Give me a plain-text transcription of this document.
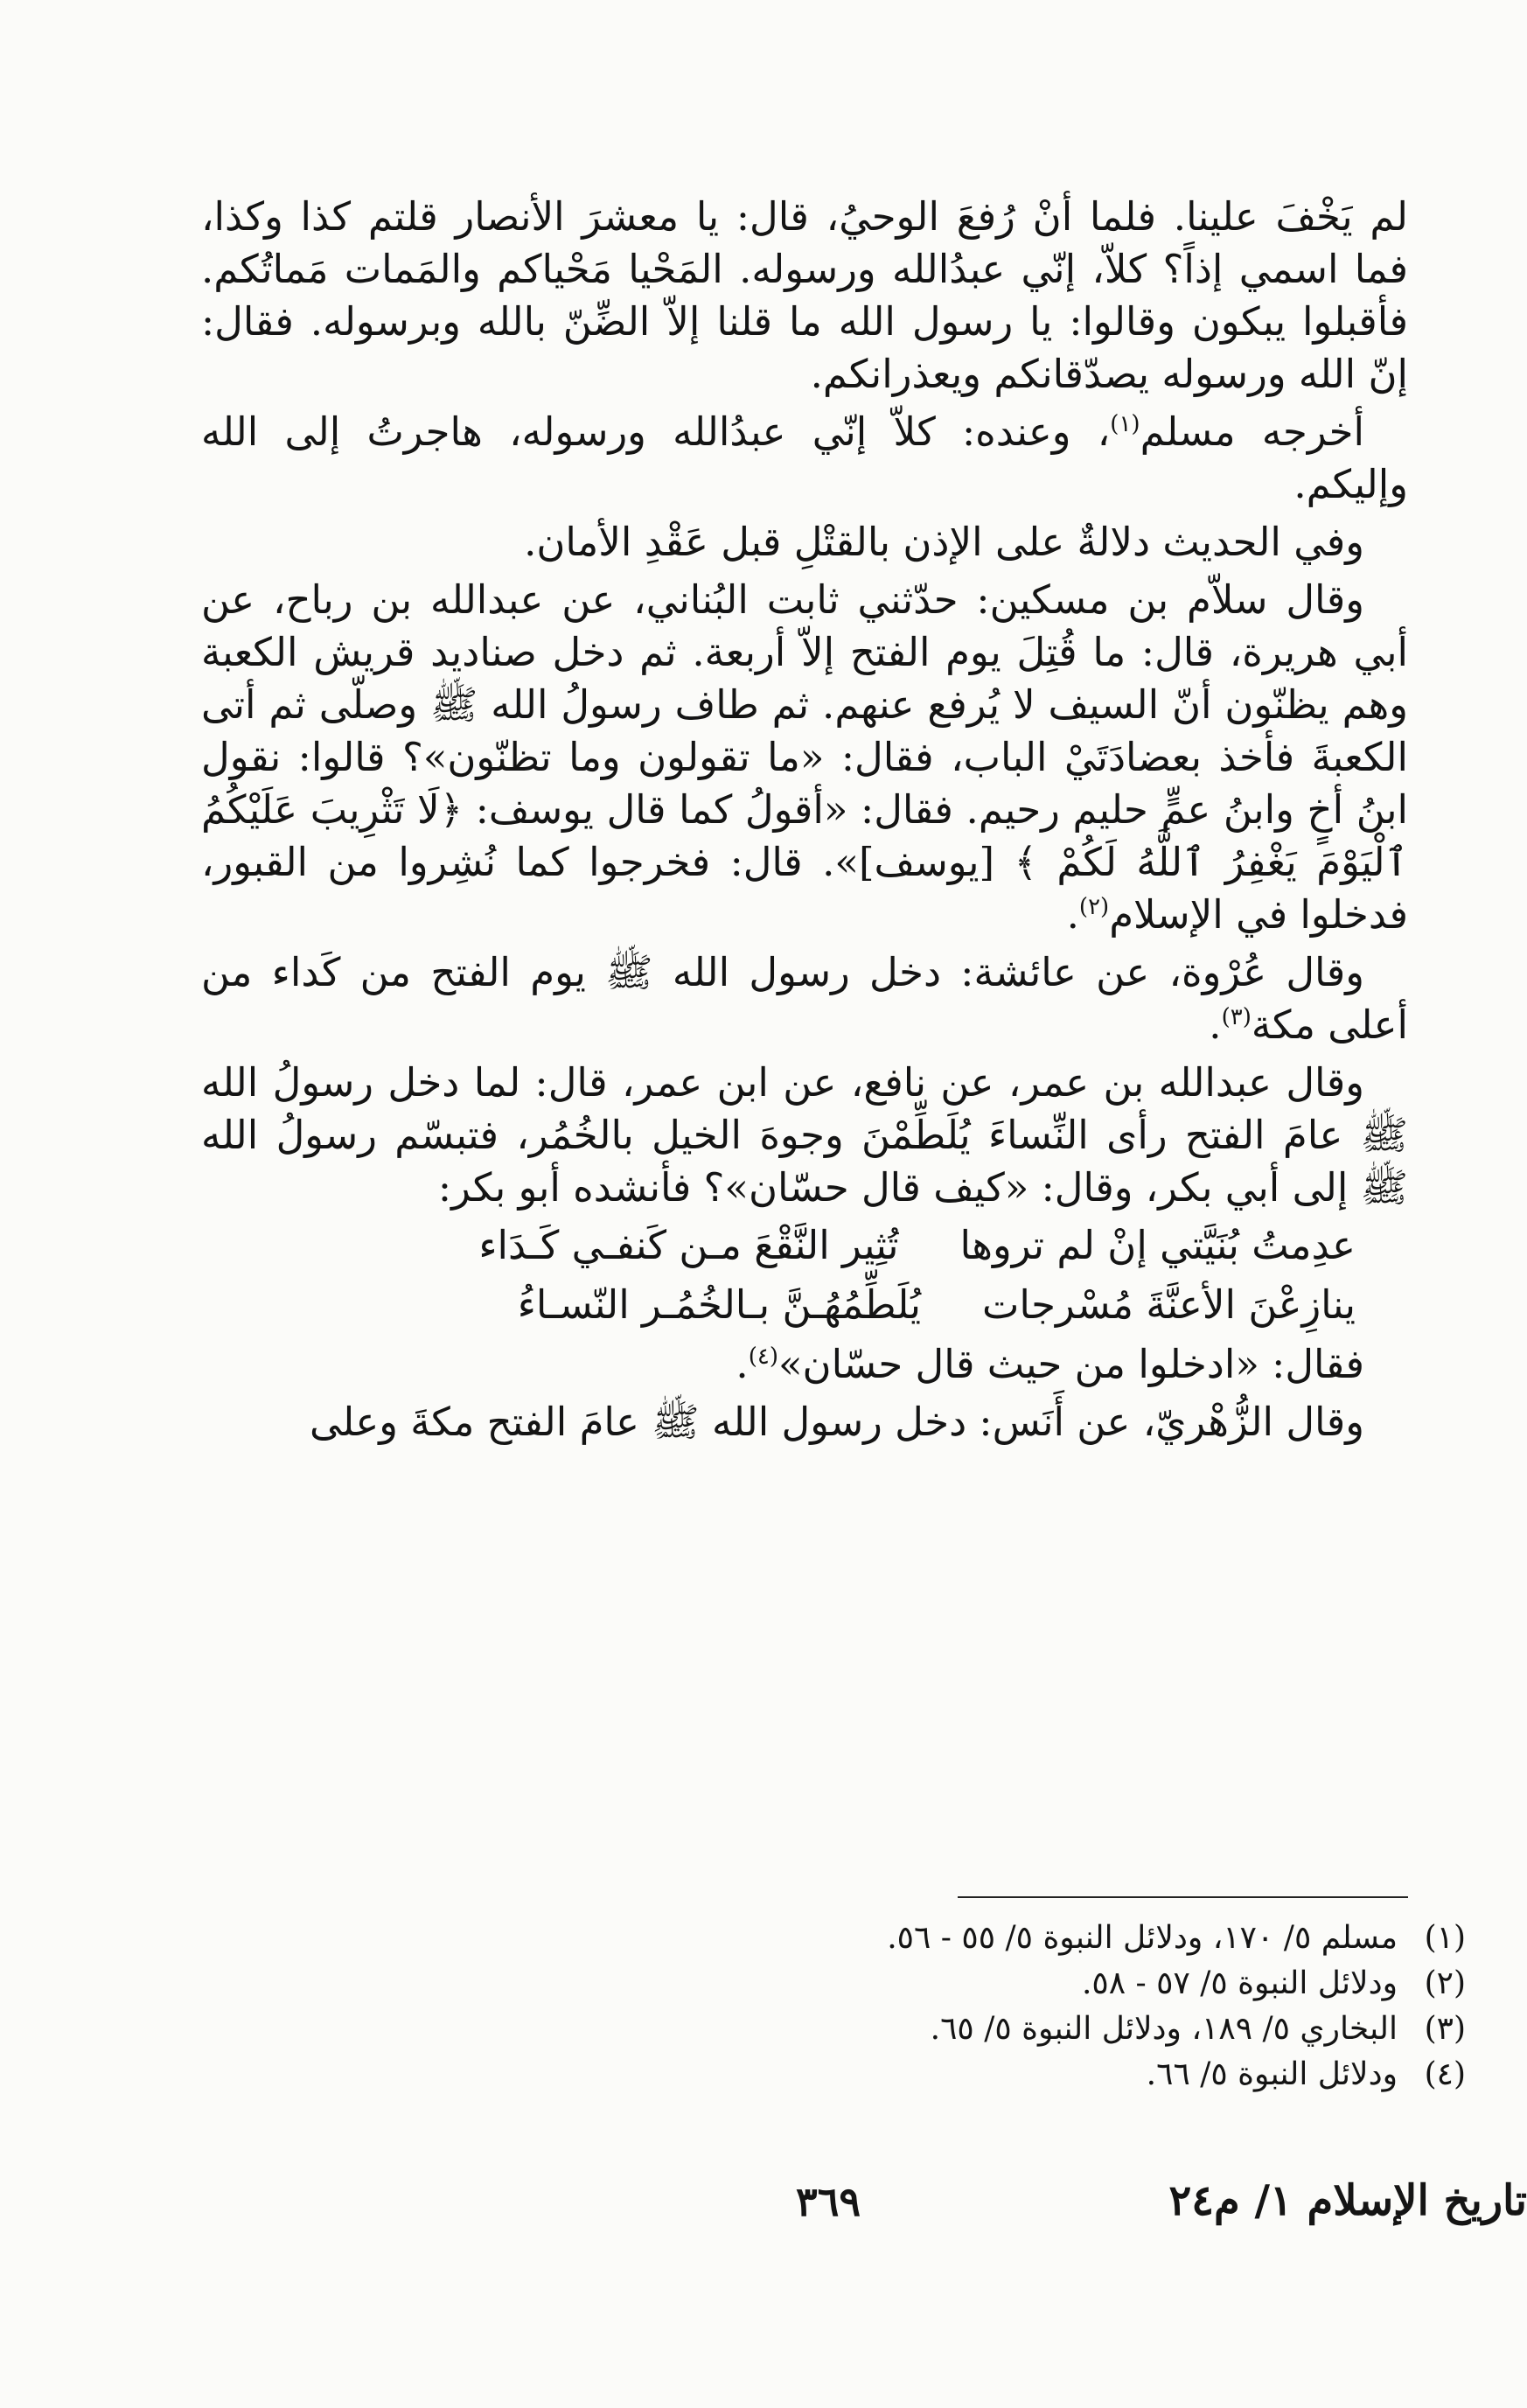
لم يَخْفَ علينا. فلما أنْ رُفعَ الوحيُ، قال: يا معشرَ الأنصار قلتم كذا وكذا، فما اسمي إذاً؟ كلاّ، إنّي عبدُالله ورسوله. المَحْيا مَحْياكم والمَمات مَماتُكم. فأقبلوا يبكون وقالوا: يا رسول الله ما قلنا إلاّ الضِّنّ بالله وبرسوله. فقال: إنّ الله ورسوله يصدّقانكم ويعذرانكم.

أخرجه مسلم$^{(١)}$، وعنده: كلاّ إنّي عبدُالله ورسوله، هاجرتُ إلى الله وإليكم.

وفي الحديث دلالةٌ على الإذن بالقتْلِ قبل عَقْدِ الأمان.

وقال سلاّم بن مسكين: حدّثني ثابت البُناني، عن عبدالله بن رباح، عن أبي هريرة، قال: ما قُتِلَ يوم الفتح إلاّ أربعة. ثم دخل صناديد قريش الكعبة وهم يظنّون أنّ السيف لا يُرفع عنهم. ثم طاف رسولُ الله ﷺ وصلّى ثم أتى الكعبةَ فأخذ بعضادَتَيْ الباب، فقال: «ما تقولون وما تظنّون»؟ قالوا: نقول ابنُ أخٍ وابنُ عمٍّ حليم رحيم. فقال: «أقولُ كما قال يوسف: ﴿لَا تَثْرِيبَ عَلَيْكُمُ ٱلْيَوْمَ يَغْفِرُ ٱللَّهُ لَكُمْ ﴾ [يوسف]». قال: فخرجوا كما نُشِروا من القبور، فدخلوا في الإسلام$^{(٢)}$.

وقال عُرْوة، عن عائشة: دخل رسول الله ﷺ يوم الفتح من كَداء من أعلى مكة$^{(٣)}$.

وقال عبدالله بن عمر، عن نافع، عن ابن عمر، قال: لما دخل رسولُ الله ﷺ عامَ الفتح رأى النِّساءَ يُلَطِّمْنَ وجوهَ الخيل بالخُمُر، فتبسّم رسولُ الله ﷺ إلى أبي بكر، وقال: «كيف قال حسّان»؟ فأنشده أبو بكر:

عدِمتُ بُنَيَّتي إنْ لم تروها
تُثِير النَّقْعَ مـن كَنفـي كَـدَاء
ينازِعْنَ الأعنَّةَ مُسْرجات
يُلَطِّمُهُـنَّ بـالخُمُـر النّسـاءُ

فقال: «ادخلوا من حيث قال حسّان»$^{(٤)}$.

وقال الزُّهْريّ، عن أَنَس: دخل رسول الله ﷺ عامَ الفتح مكةَ وعلى

(١)
مسلم ٥/ ١٧٠، ودلائل النبوة ٥/ ٥٥ - ٥٦.
(٢)
ودلائل النبوة ٥/ ٥٧ - ٥٨.
(٣)
البخاري ٥/ ١٨٩، ودلائل النبوة ٥/ ٦٥.
(٤)
ودلائل النبوة ٥/ ٦٦.
٣٦٩	تاريخ الإسلام ١/ م٢٤
